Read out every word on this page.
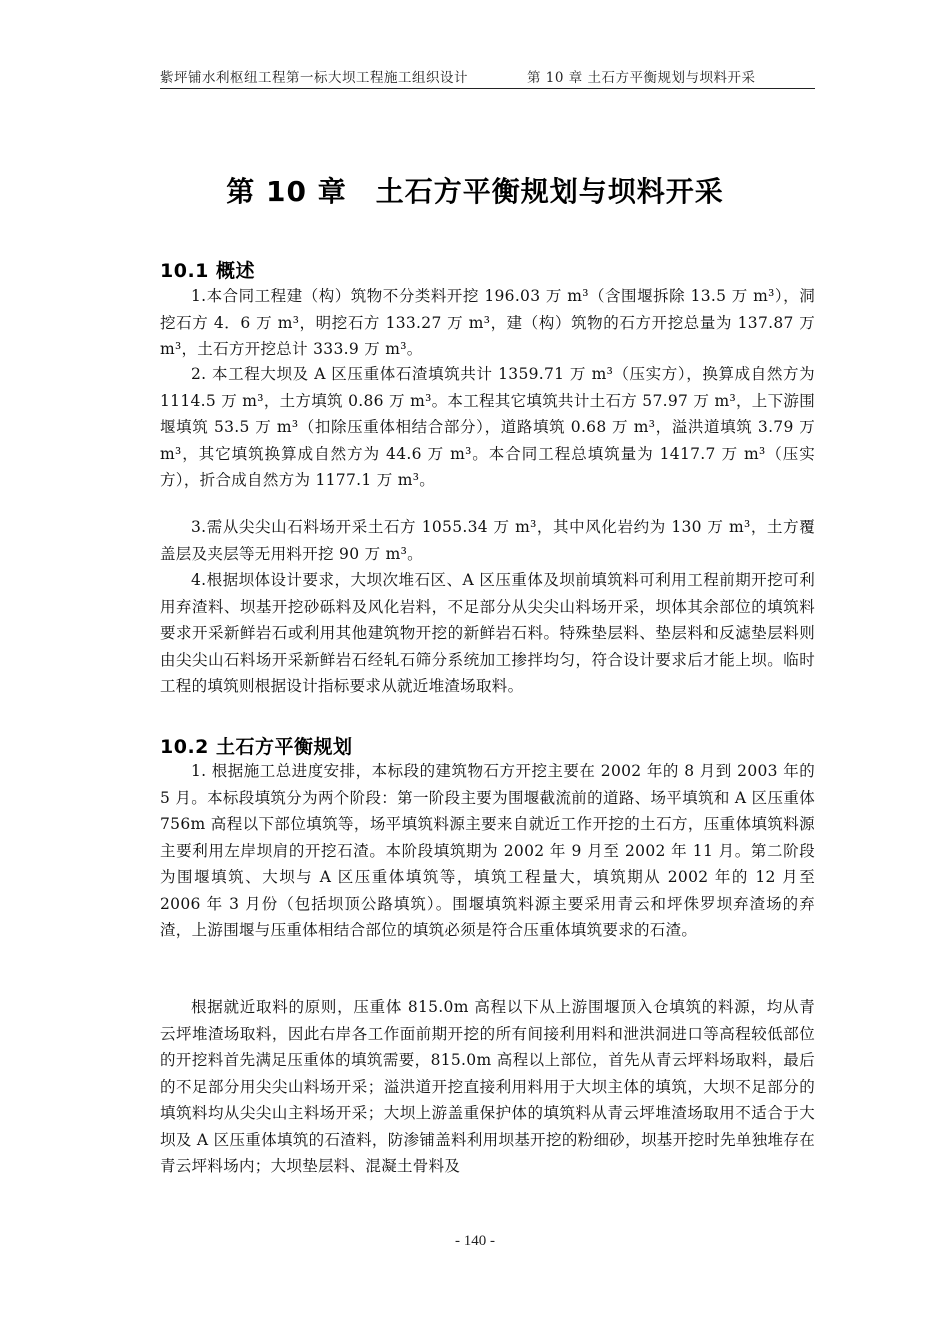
紫坪铺水利枢纽工程第一标大坝工程施工组织设计	第 10 章 土石方平衡规划与坝料开采
第 10 章　土石方平衡规划与坝料开采
10.1 概述
1.本合同工程建（构）筑物不分类料开挖 196.03 万 m³（含围堰拆除 13.5 万 m³），洞挖石方 4．6 万 m³，明挖石方 133.27 万 m³，建（构）筑物的石方开挖总量为 137.87 万 m³，土石方开挖总计 333.9 万 m³。
2. 本工程大坝及 A 区压重体石渣填筑共计 1359.71 万 m³（压实方），换算成自然方为 1114.5 万 m³，土方填筑 0.86 万 m³。本工程其它填筑共计土石方 57.97 万 m³，上下游围堰填筑 53.5 万 m³（扣除压重体相结合部分），道路填筑 0.68 万 m³，溢洪道填筑 3.79 万 m³，其它填筑换算成自然方为 44.6 万 m³。本合同工程总填筑量为 1417.7 万 m³（压实方），折合成自然方为 1177.1 万 m³。
3.需从尖尖山石料场开采土石方 1055.34 万 m³，其中风化岩约为 130 万 m³，土方覆盖层及夹层等无用料开挖 90 万 m³。
4.根据坝体设计要求，大坝次堆石区、A 区压重体及坝前填筑料可利用工程前期开挖可利用弃渣料、坝基开挖砂砾料及风化岩料，不足部分从尖尖山料场开采，坝体其余部位的填筑料要求开采新鲜岩石或利用其他建筑物开挖的新鲜岩石料。特殊垫层料、垫层料和反滤垫层料则由尖尖山石料场开采新鲜岩石经轧石筛分系统加工掺拌均匀，符合设计要求后才能上坝。临时工程的填筑则根据设计指标要求从就近堆渣场取料。
10.2 土石方平衡规划
1. 根据施工总进度安排，本标段的建筑物石方开挖主要在 2002 年的 8 月到 2003 年的 5 月。本标段填筑分为两个阶段：第一阶段主要为围堰截流前的道路、场平填筑和 A 区压重体 756m 高程以下部位填筑等，场平填筑料源主要来自就近工作开挖的土石方，压重体填筑料源主要利用左岸坝肩的开挖石渣。本阶段填筑期为 2002 年 9 月至 2002 年 11 月。第二阶段为围堰填筑、大坝与 A 区压重体填筑等，填筑工程量大，填筑期从 2002 年的 12 月至 2006 年 3 月份（包括坝顶公路填筑）。围堰填筑料源主要采用青云和坪侏罗坝弃渣场的弃渣，上游围堰与压重体相结合部位的填筑必须是符合压重体填筑要求的石渣。
根据就近取料的原则，压重体 815.0m 高程以下从上游围堰顶入仓填筑的料源，均从青云坪堆渣场取料，因此右岸各工作面前期开挖的所有间接利用料和泄洪洞进口等高程较低部位的开挖料首先满足压重体的填筑需要，815.0m 高程以上部位，首先从青云坪料场取料，最后的不足部分用尖尖山料场开采；溢洪道开挖直接利用料用于大坝主体的填筑，大坝不足部分的填筑料均从尖尖山主料场开采；大坝上游盖重保护体的填筑料从青云坪堆渣场取用不适合于大坝及 A 区压重体填筑的石渣料，防渗铺盖料利用坝基开挖的粉细砂，坝基开挖时先单独堆存在青云坪料场内；大坝垫层料、混凝土骨料及
- 140 -
